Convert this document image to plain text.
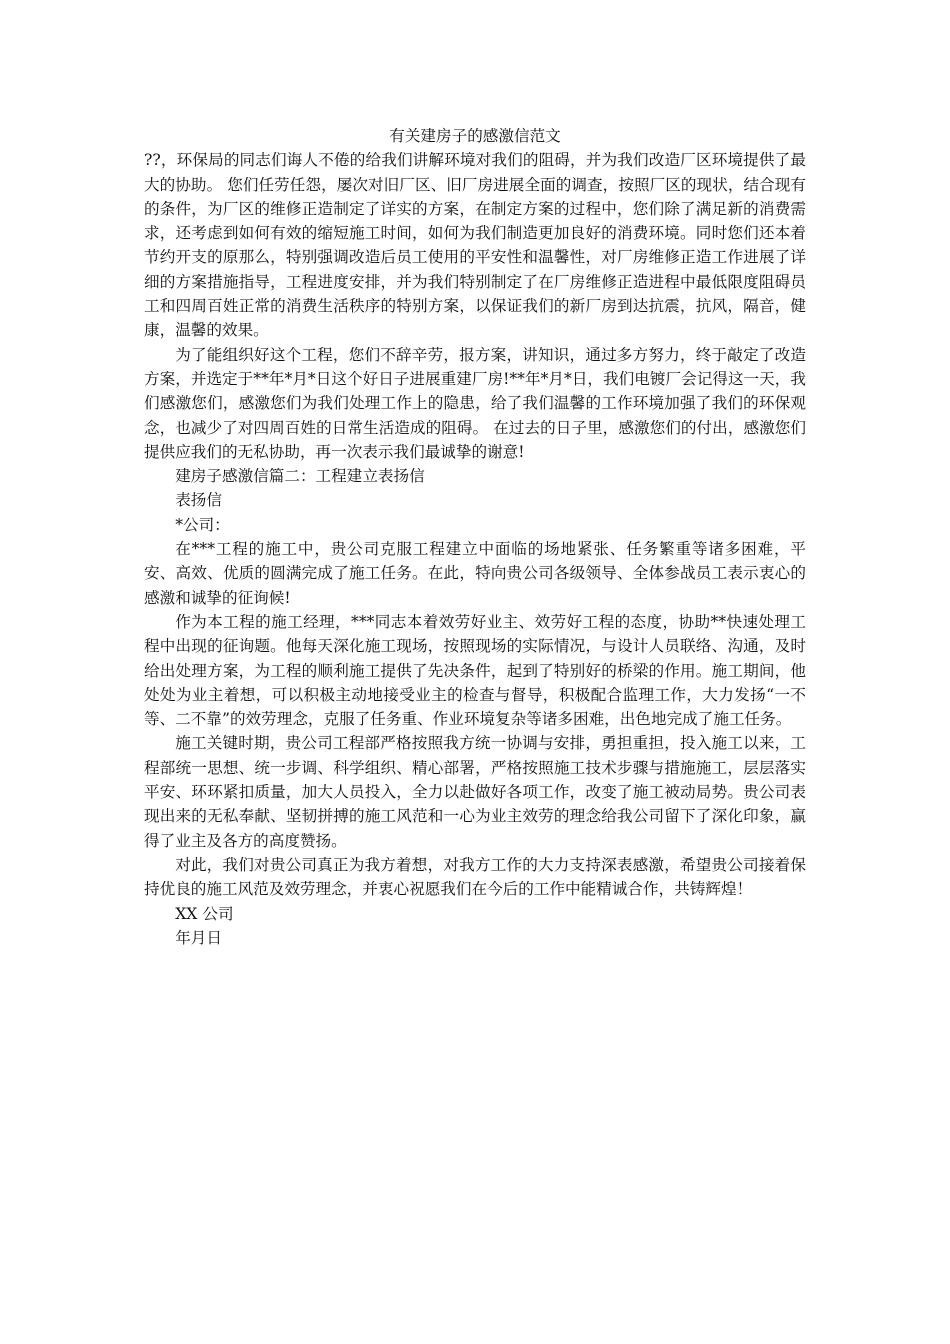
有关建房子的感激信范文

??，环保局的同志们诲人不倦的给我们讲解环境对我们的阻碍，并为我们改造厂区环境提供了最大的协助。 您们任劳任怨，屡次对旧厂区、旧厂房进展全面的调查，按照厂区的现状，结合现有的条件，为厂区的维修正造制定了详实的方案，在制定方案的过程中，您们除了满足新的消费需求，还考虑到如何有效的缩短施工时间，如何为我们制造更加良好的消费环境。同时您们还本着节约开支的原那么，特别强调改造后员工使用的平安性和温馨性，对厂房维修正造工作进展了详细的方案措施指导，工程进度安排，并为我们特别制定了在厂房维修正造进程中最低限度阻碍员工和四周百姓正常的消费生活秩序的特别方案，以保证我们的新厂房到达抗震，抗风，隔音，健康，温馨的效果。

为了能组织好这个工程，您们不辞辛劳，报方案，讲知识，通过多方努力，终于敲定了改造方案，并选定于**年*月*日这个好日子进展重建厂房!**年*月*日，我们电镀厂会记得这一天，我们感激您们，感激您们为我们处理工作上的隐患，给了我们温馨的工作环境加强了我们的环保观念，也减少了对四周百姓的日常生活造成的阻碍。 在过去的日子里，感激您们的付出，感激您们提供应我们的无私协助，再一次表示我们最诚挚的谢意!

建房子感激信篇二：工程建立表扬信

表扬信

*公司：

在***工程的施工中，贵公司克服工程建立中面临的场地紧张、任务繁重等诸多困难，平安、高效、优质的圆满完成了施工任务。在此，特向贵公司各级领导、全体参战员工表示衷心的感激和诚挚的征询候!

作为本工程的施工经理，***同志本着效劳好业主、效劳好工程的态度，协助**快速处理工程中出现的征询题。他每天深化施工现场，按照现场的实际情况，与设计人员联络、沟通，及时给出处理方案，为工程的顺利施工提供了先决条件，起到了特别好的桥梁的作用。施工期间，他处处为业主着想，可以积极主动地接受业主的检查与督导，积极配合监理工作，大力发扬“一不等、二不靠”的效劳理念，克服了任务重、作业环境复杂等诸多困难，出色地完成了施工任务。

施工关键时期，贵公司工程部严格按照我方统一协调与安排，勇担重担，投入施工以来，工程部统一思想、统一步调、科学组织、精心部署，严格按照施工技术步骤与措施施工，层层落实平安、环环紧扣质量，加大人员投入，全力以赴做好各项工作，改变了施工被动局势。贵公司表现出来的无私奉献、坚韧拼搏的施工风范和一心为业主效劳的理念给我公司留下了深化印象，赢得了业主及各方的高度赞扬。

对此，我们对贵公司真正为我方着想，对我方工作的大力支持深表感激，希望贵公司接着保持优良的施工风范及效劳理念，并衷心祝愿我们在今后的工作中能精诚合作，共铸辉煌！

XX 公司

年月日
